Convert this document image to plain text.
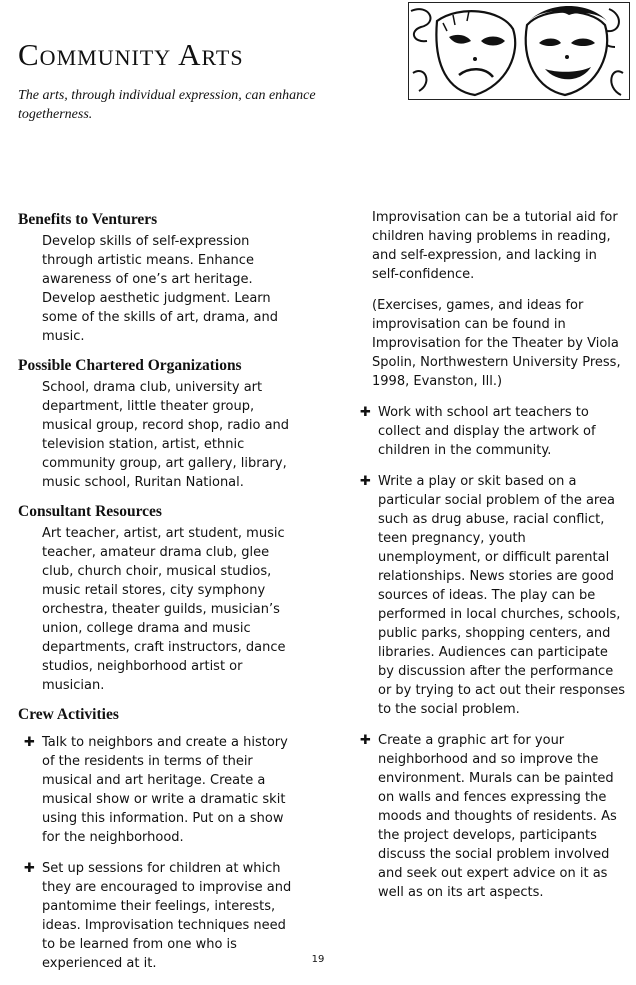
Community Arts

The arts, through individual expression, can enhance togetherness.

Benefits to Venturers

Develop skills of self-expression through artistic means. Enhance awareness of one’s art heritage. Develop aesthetic judgment. Learn some of the skills of art, drama, and music.

Possible Chartered Organizations

School, drama club, university art department, little theater group, musical group, record shop, radio and television station, artist, ethnic community group, art gallery, library, music school, Ruritan National.

Consultant Resources

Art teacher, artist, art student, music teacher, amateur drama club, glee club, church choir, musical studios, music retail stores, city symphony orchestra, theater guilds, musician’s union, college drama and music departments, craft instructors, dance studios, neighborhood artist or musician.

Crew Activities
✚ Talk to neighbors and create a history of the residents in terms of their musical and art heritage. Create a musical show or write a dramatic skit using this information. Put on a show for the neighborhood.
✚ Set up sessions for children at which they are encouraged to improvise and pantomime their feelings, interests, ideas. Improvisation techniques need to be learned from one who is experienced at it.

Improvisation can be a tutorial aid for children having problems in reading, and self-expression, and lacking in self-confidence.

(Exercises, games, and ideas for improvisation can be found in Improvisation for the Theater by Viola Spolin, Northwestern University Press, 1998, Evanston, Ill.)

✚ Work with school art teachers to collect and display the artwork of children in the community.
✚ Write a play or skit based on a particular social problem of the area such as drug abuse, racial conflict, teen pregnancy, youth unemployment, or difficult parental relationships. News stories are good sources of ideas. The play can be performed in local churches, schools, public parks, shopping centers, and libraries. Audiences can participate by discussion after the performance or by trying to act out their responses to the social problem.
✚ Create a graphic art for your neighborhood and so improve the environment. Murals can be painted on walls and fences expressing the moods and thoughts of residents. As the project develops, participants discuss the social problem involved and seek out expert advice on it as well as on its art aspects.
19
